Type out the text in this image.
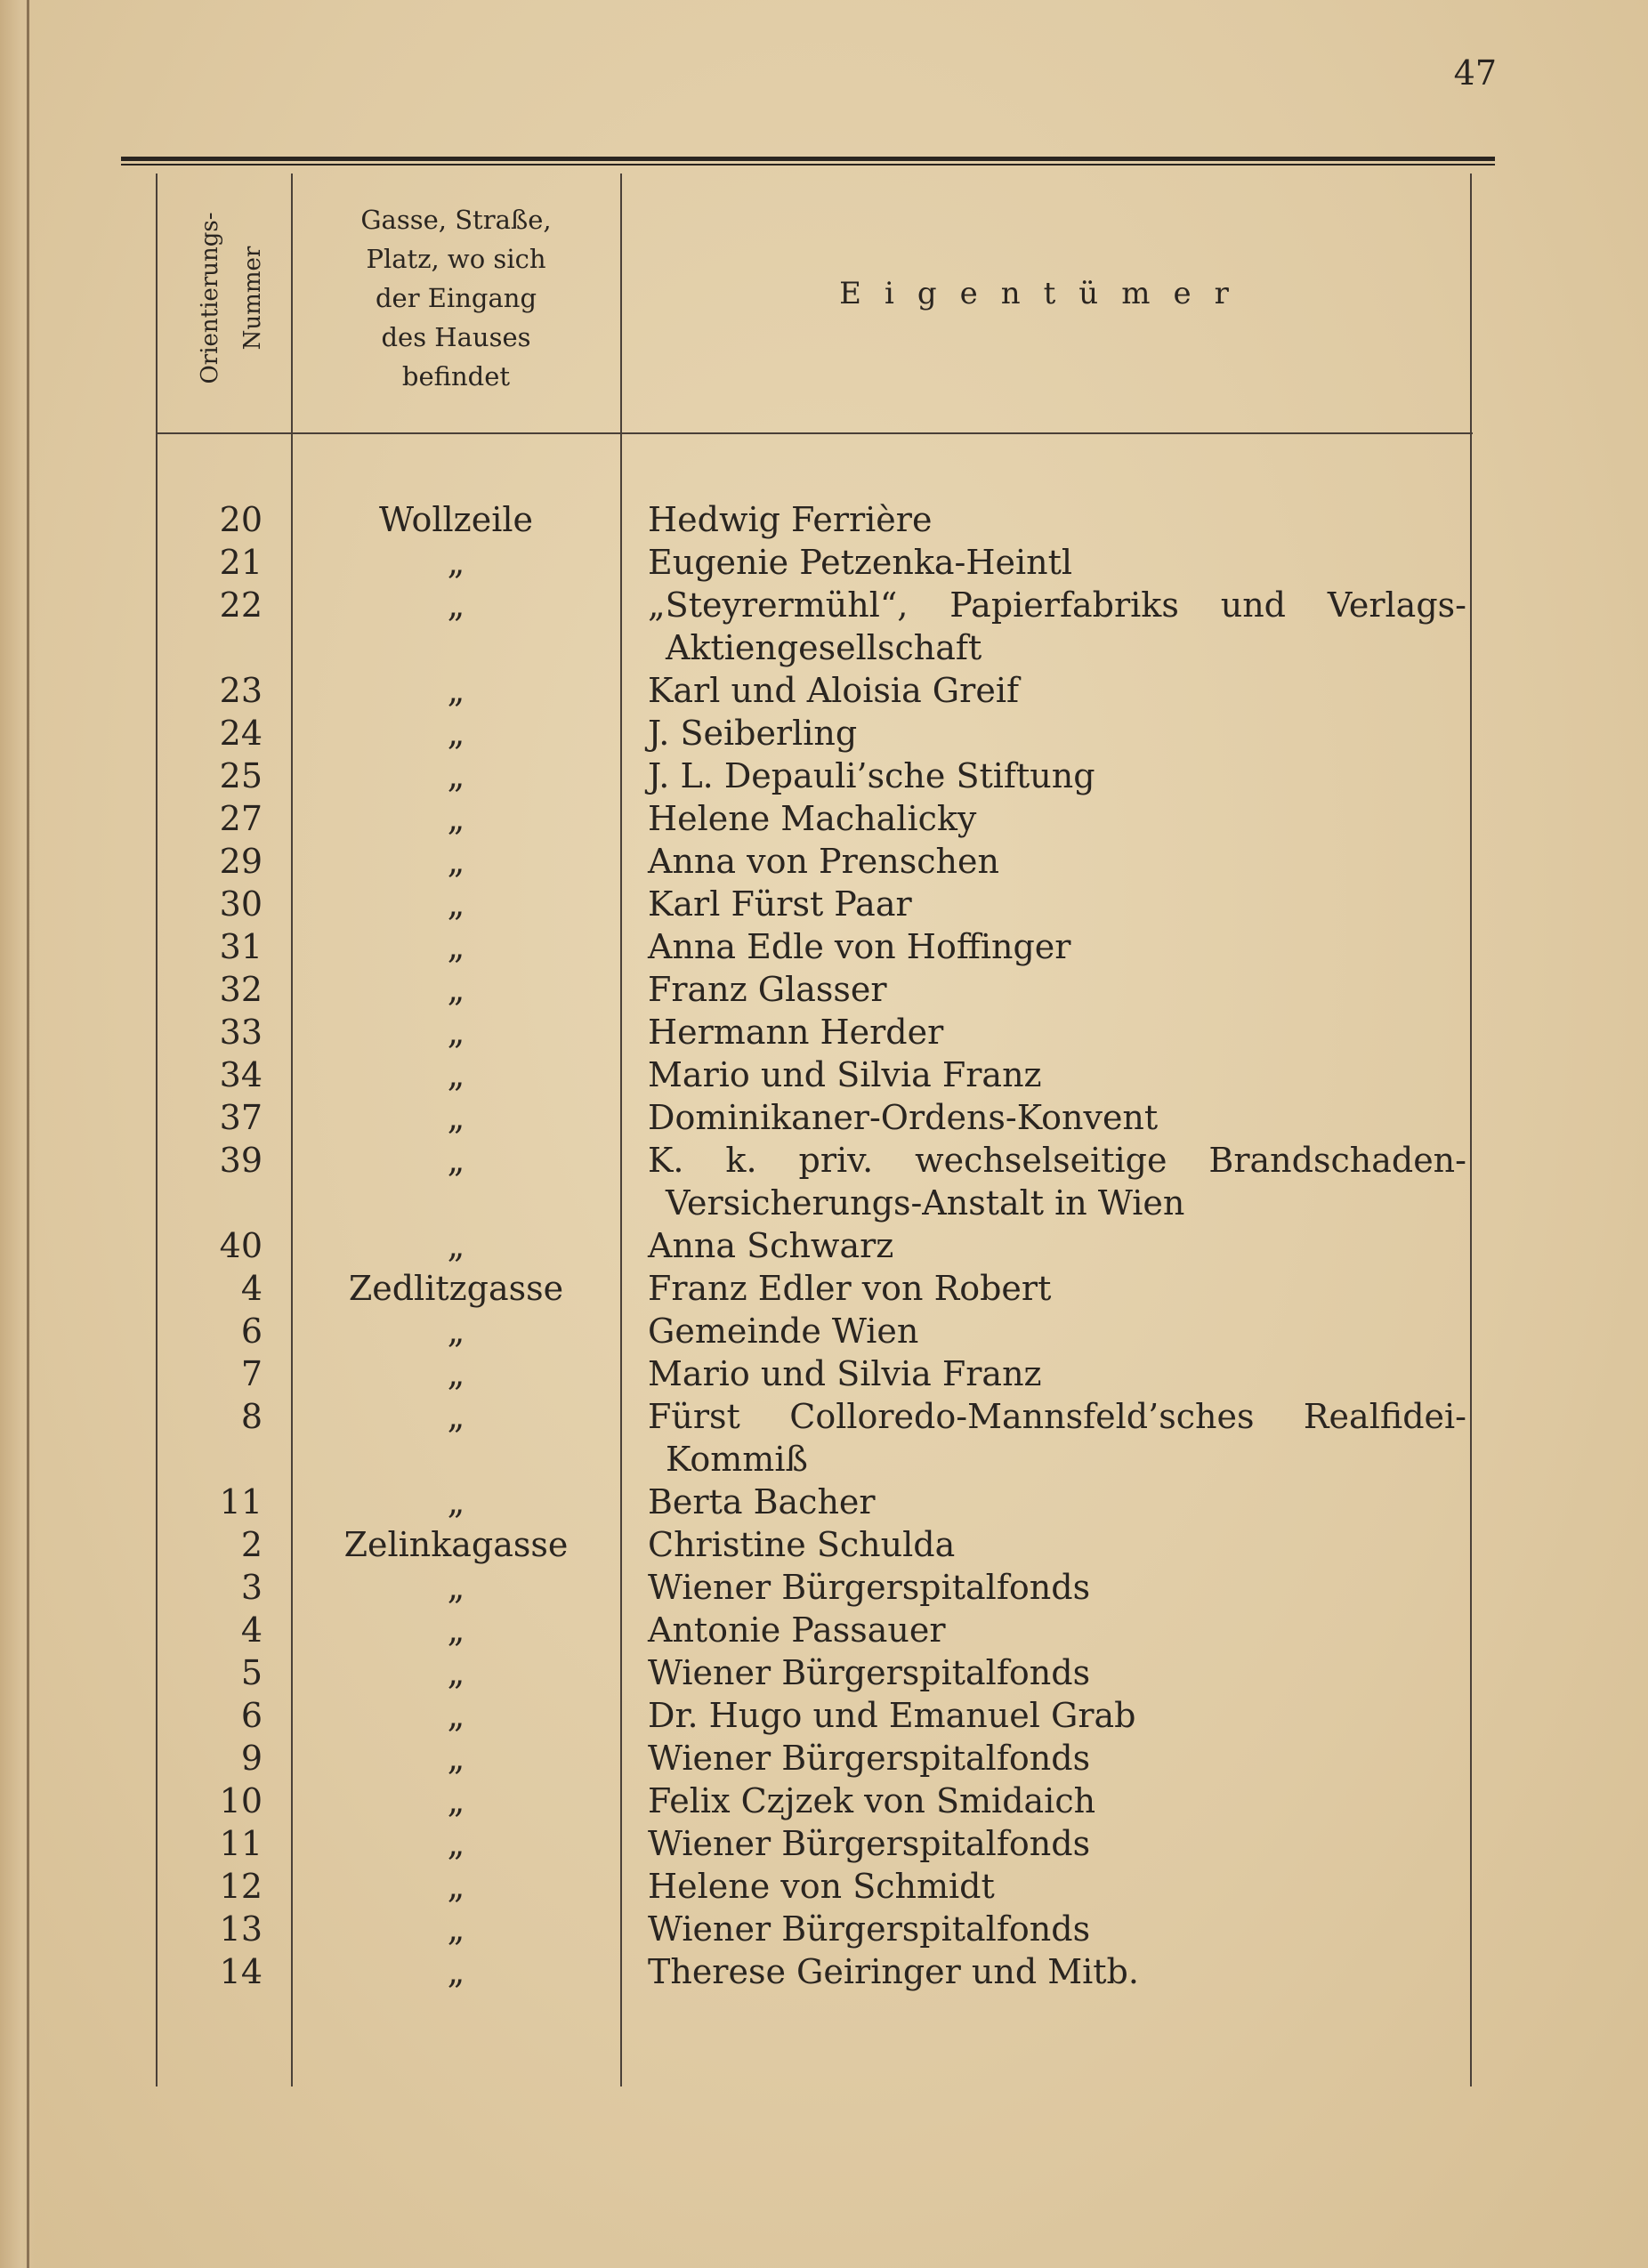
47
Orientierungs- Nummer
Gasse, Straße,
Platz, wo sich
der Eingang
des Hauses
befindet
Eigentümer
20	Wollzeile	Hedwig Ferrière
21	„	Eugenie Petzenka-Heintl
22	„	„Steyrermühl“, Papierfabriks und Verlags-
Aktiengesellschaft
23	„	Karl und Aloisia Greif
24	„	J. Seiberling
25	„	J. L. Depauli’sche Stiftung
27	„	Helene Machalicky
29	„	Anna von Prenschen
30	„	Karl Fürst Paar
31	„	Anna Edle von Hoffinger
32	„	Franz Glasser
33	„	Hermann Herder
34	„	Mario und Silvia Franz
37	„	Dominikaner-Ordens-Konvent
39	„	K. k. priv. wechselseitige Brandschaden-
Versicherungs-Anstalt in Wien
40	„	Anna Schwarz
4	Zedlitzgasse	Franz Edler von Robert
6	„	Gemeinde Wien
7	„	Mario und Silvia Franz
8	„	Fürst Colloredo-Mannsfeld’sches Realfidei-
Kommiß
11	„	Berta Bacher
2	Zelinkagasse	Christine Schulda
3	„	Wiener Bürgerspitalfonds
4	„	Antonie Passauer
5	„	Wiener Bürgerspitalfonds
6	„	Dr. Hugo und Emanuel Grab
9	„	Wiener Bürgerspitalfonds
10	„	Felix Czjzek von Smidaich
11	„	Wiener Bürgerspitalfonds
12	„	Helene von Schmidt
13	„	Wiener Bürgerspitalfonds
14	„	Therese Geiringer und Mitb.
